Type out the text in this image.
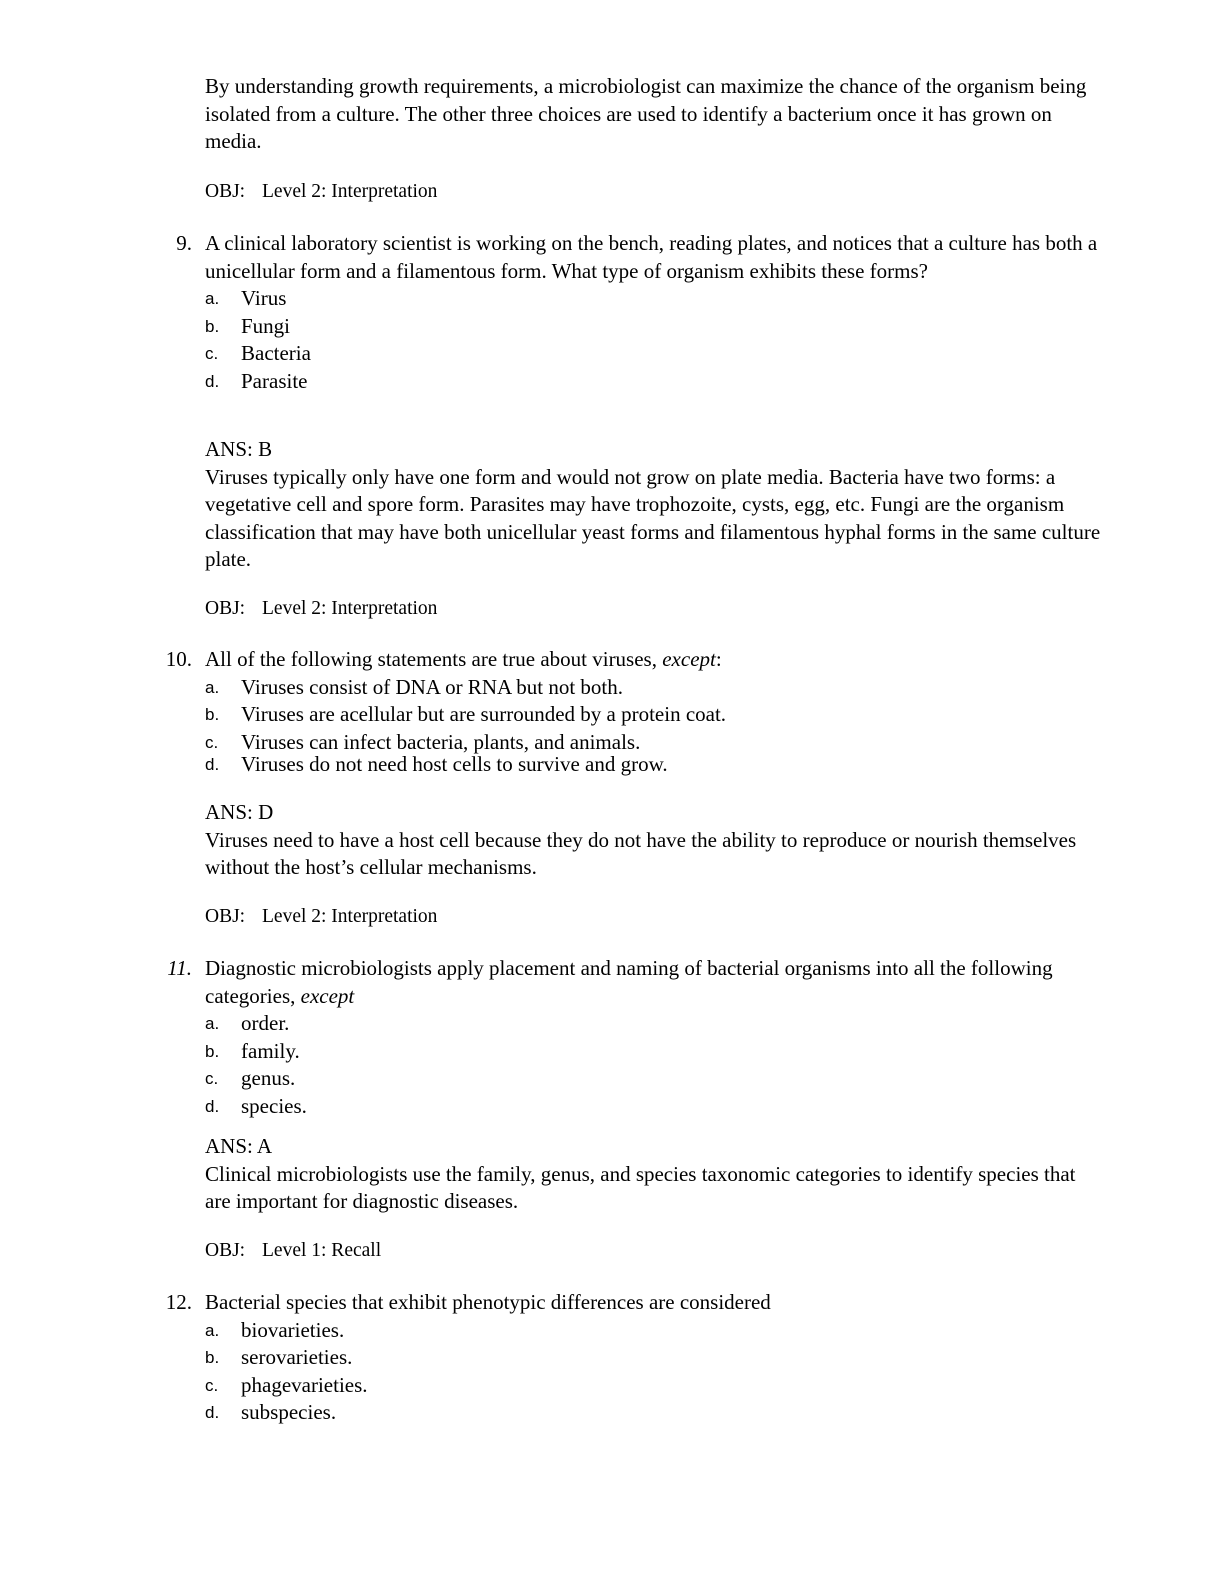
By understanding growth requirements, a microbiologist can maximize the chance of the organism being isolated from a culture. The other three choices are used to identify a bacterium once it has grown on media.
OBJ: Level 2: Interpretation
9. A clinical laboratory scientist is working on the bench, reading plates, and notices that a culture has both a unicellular form and a filamentous form. What type of organism exhibits these forms?
a. Virus
b. Fungi
c. Bacteria
d. Parasite
ANS: B
Viruses typically only have one form and would not grow on plate media. Bacteria have two forms: a vegetative cell and spore form. Parasites may have trophozoite, cysts, egg, etc. Fungi are the organism classification that may have both unicellular yeast forms and filamentous hyphal forms in the same culture plate.
OBJ: Level 2: Interpretation
10. All of the following statements are true about viruses, except:
a. Viruses consist of DNA or RNA but not both.
b. Viruses are acellular but are surrounded by a protein coat.
c. Viruses can infect bacteria, plants, and animals.
d. Viruses do not need host cells to survive and grow.
ANS: D
Viruses need to have a host cell because they do not have the ability to reproduce or nourish themselves without the host’s cellular mechanisms.
OBJ: Level 2: Interpretation
11. Diagnostic microbiologists apply placement and naming of bacterial organisms into all the following categories, except
a. order.
b. family.
c. genus.
d. species.
ANS: A
Clinical microbiologists use the family, genus, and species taxonomic categories to identify species that are important for diagnostic diseases.
OBJ: Level 1: Recall
12. Bacterial species that exhibit phenotypic differences are considered
a. biovarieties.
b. serovarieties.
c. phagevarieties.
d. subspecies.
